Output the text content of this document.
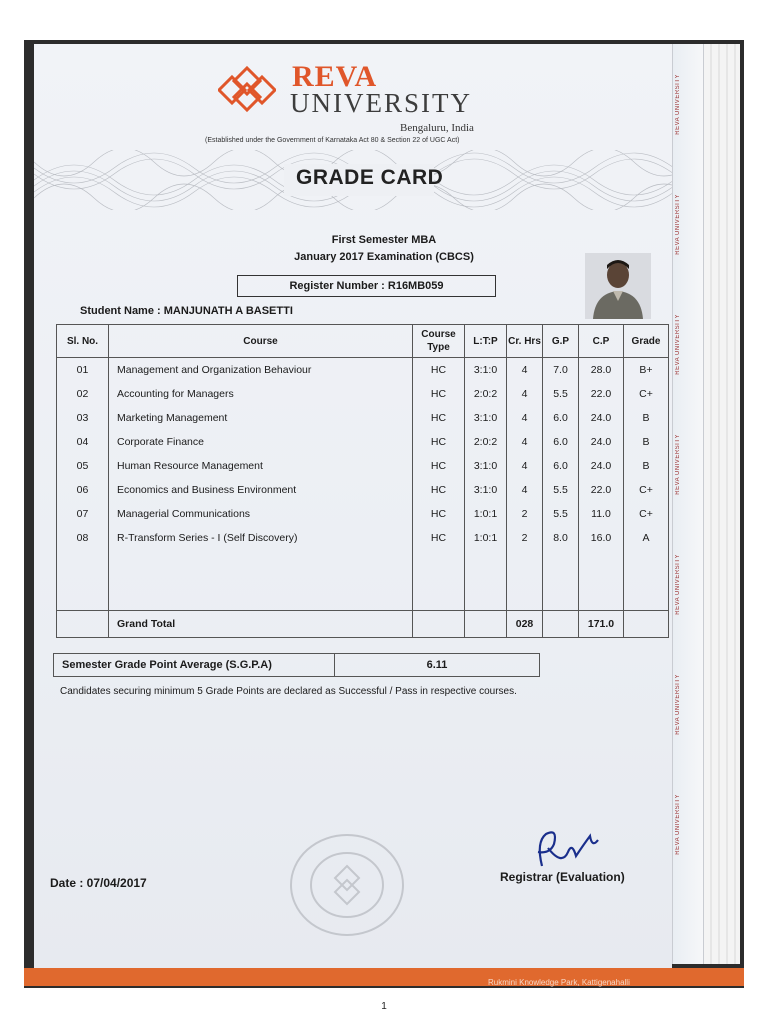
REVA
UNIVERSITY
Bengaluru, India
(Established under the Government of Karnataka Act 80 & Section 22 of UGC Act)
GRADE CARD
First Semester MBA
January 2017 Examination (CBCS)
Register Number : R16MB059
Student Name : MANJUNATH A BASETTI
Sl. No.	Course	Course Type	L:T:P	Cr. Hrs	G.P	C.P	Grade
01	Management and Organization Behaviour	HC	3:1:0	4	7.0	28.0	B+
02	Accounting for Managers	HC	2:0:2	4	5.5	22.0	C+
03	Marketing Management	HC	3:1:0	4	6.0	24.0	B
04	Corporate Finance	HC	2:0:2	4	6.0	24.0	B
05	Human Resource Management	HC	3:1:0	4	6.0	24.0	B
06	Economics and Business Environment	HC	3:1:0	4	5.5	22.0	C+
07	Managerial Communications	HC	1:0:1	2	5.5	11.0	C+
08	R-Transform Series - I (Self Discovery)	HC	1:0:1	2	8.0	16.0	A

	Grand Total			028		171.0	
Semester Grade Point Average (S.G.P.A)	6.11
Candidates securing minimum 5 Grade Points are declared as Successful / Pass in respective courses.
Date : 07/04/2017	Registrar (Evaluation)
REVA UNIVERSITY
REVA UNIVERSITY
REVA UNIVERSITY
REVA UNIVERSITY
REVA UNIVERSITY
REVA UNIVERSITY
REVA UNIVERSITY
Rukmini Knowledge Park, Kattigenahalli
1
